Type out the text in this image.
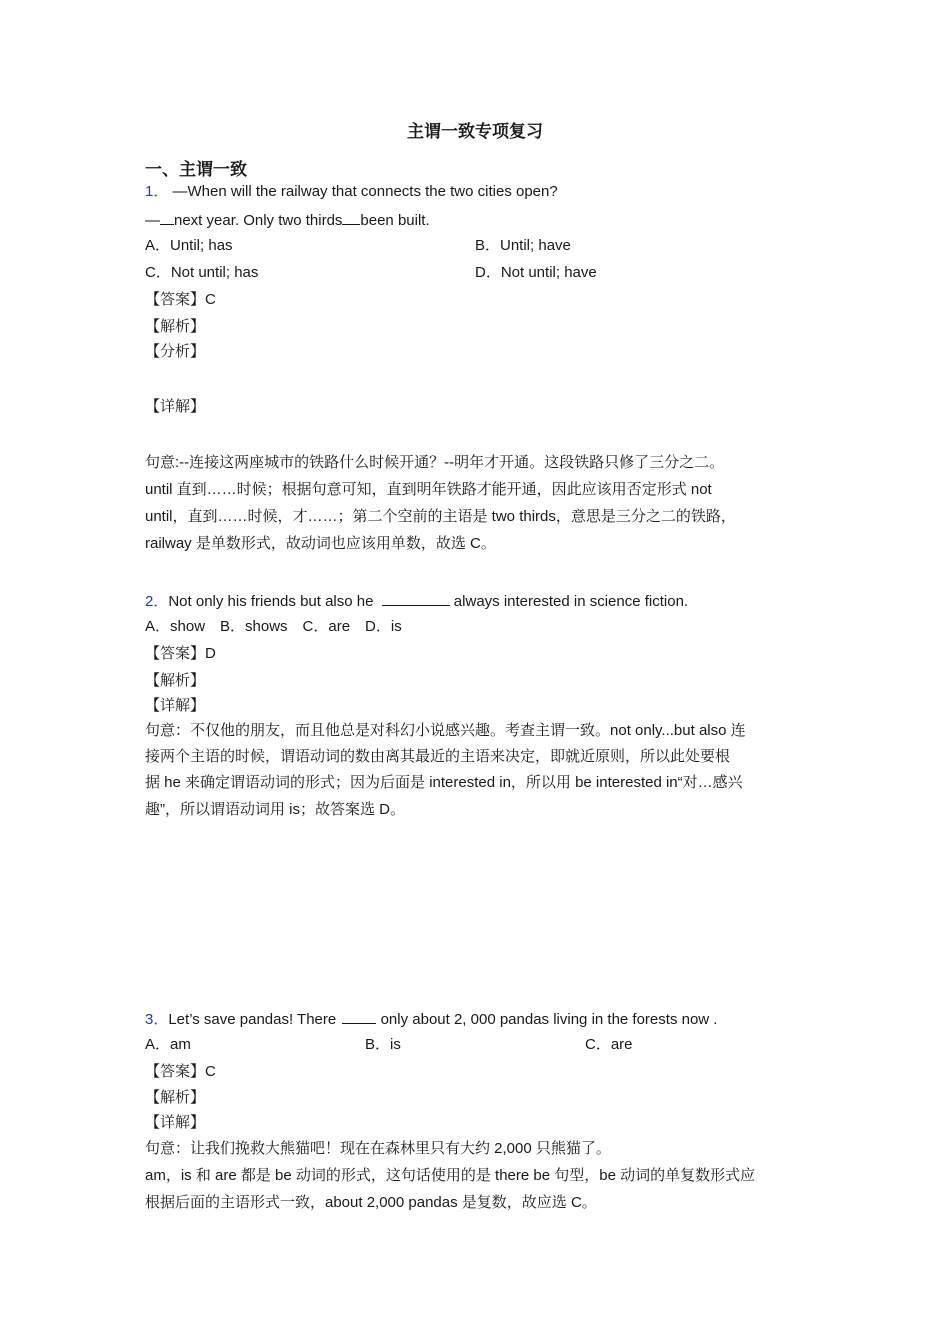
主谓一致专项复习
一、主谓一致
1． —When will the railway that connects the two cities open?
— next year. Only two thirds been built.
A．Until; has	B．Until; have
C．Not until; has	D．Not until; have
【答案】C
【解析】
【分析】
【详解】
句意:--连接这两座城市的铁路什么时候开通？--明年才开通。这段铁路只修了三分之二。
until 直到……时候；根据句意可知，直到明年铁路才能开通，因此应该用否定形式 not
until，直到……时候，才……；第二个空前的主语是 two thirds，意思是三分之二的铁路，
railway 是单数形式，故动词也应该用单数，故选 C。
2．Not only his friends but also he	always interested in science fiction.
A．show　B．shows　C．are　D．is
【答案】D
【解析】
【详解】
句意：不仅他的朋友，而且他总是对科幻小说感兴趣。考查主谓一致。not only...but also 连
接两个主语的时候，谓语动词的数由离其最近的主语来决定，即就近原则，所以此处要根
据 he 来确定谓语动词的形式；因为后面是 interested in，所以用 be interested in“对…感兴
趣”，所以谓语动词用 is；故答案选 D。
3．Let’s save pandas! There  only about 2, 000 pandas living in the forests now .
A．am	B．is	C．are
【答案】C
【解析】
【详解】
句意：让我们挽救大熊猫吧！现在在森林里只有大约 2,000 只熊猫了。
am，is 和 are 都是 be 动词的形式，这句话使用的是 there be 句型，be 动词的单复数形式应
根据后面的主语形式一致，about 2,000 pandas 是复数，故应选 C。
